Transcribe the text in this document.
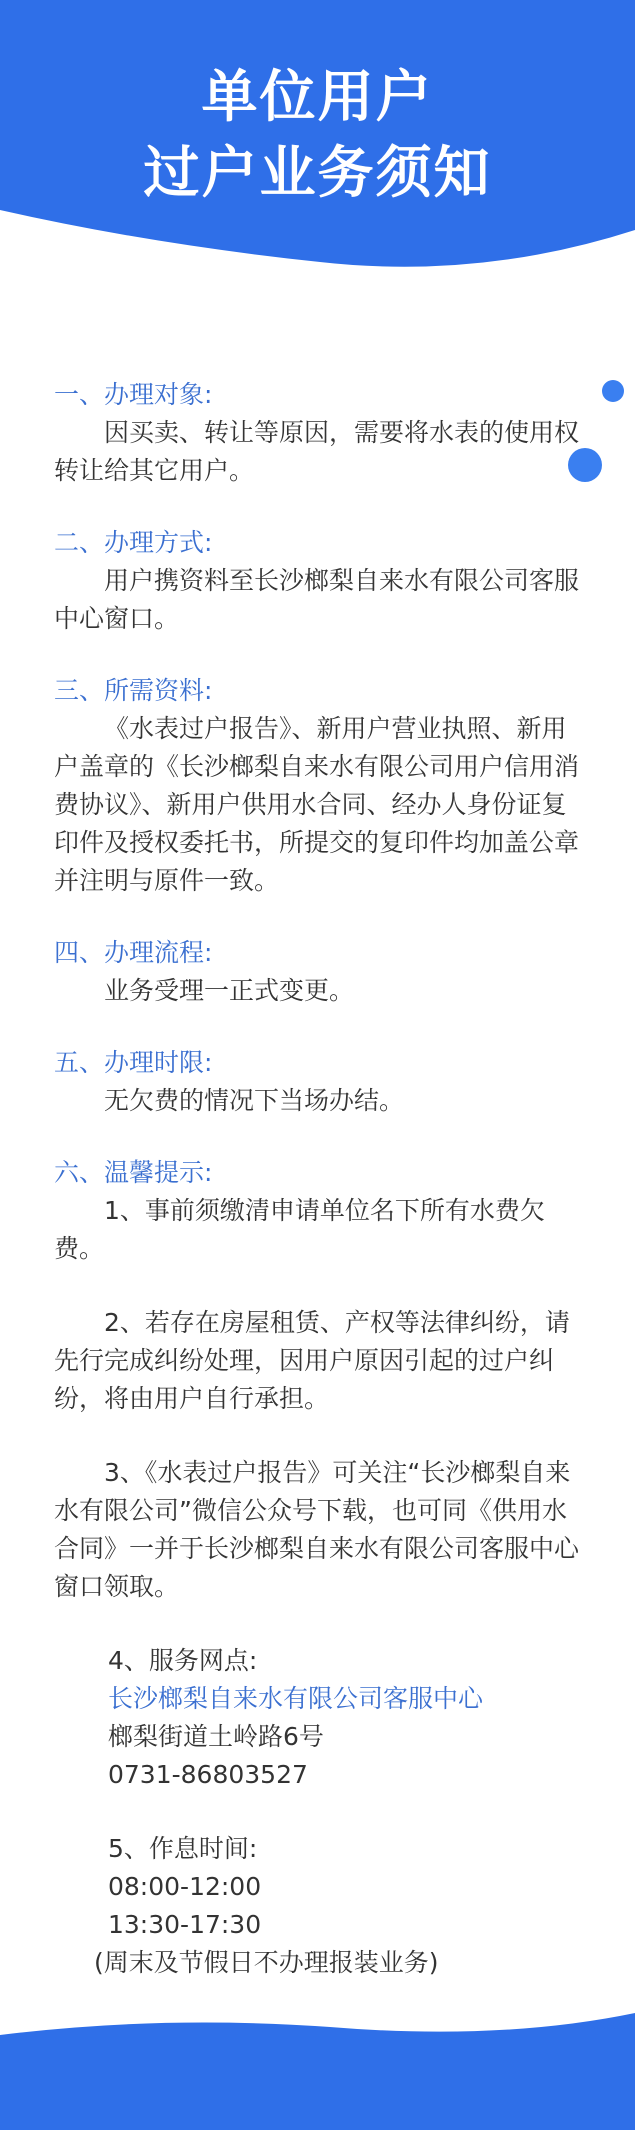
单位用户
过户业务须知
一、办理对象:

因买卖、转让等原因，需要将水表的使用权转让给其它用户。

二、办理方式:

用户携资料至长沙榔梨自来水有限公司客服中心窗口。

三、所需资料:

《水表过户报告》、新用户营业执照、新用户盖章的《长沙榔梨自来水有限公司用户信用消费协议》、新用户供用水合同、经办人身份证复印件及授权委托书，所提交的复印件均加盖公章并注明与原件一致。

四、办理流程:

业务受理一正式变更。

五、办理时限:

无欠费的情况下当场办结。

六、温馨提示:

1、事前须缴清申请单位名下所有水费欠费。

2、若存在房屋租赁、产权等法律纠纷，请先行完成纠纷处理，因用户原因引起的过户纠纷，将由用户自行承担。

3、《水表过户报告》可关注“长沙榔梨自来水有限公司”微信公众号下载，也可同《供用水合同》一并于长沙榔梨自来水有限公司客服中心窗口领取。

4、服务网点:

长沙榔梨自来水有限公司客服中心

榔梨街道土岭路6号

0731-86803527

5、作息时间:

08:00-12:00

13:30-17:30

(周末及节假日不办理报装业务)
